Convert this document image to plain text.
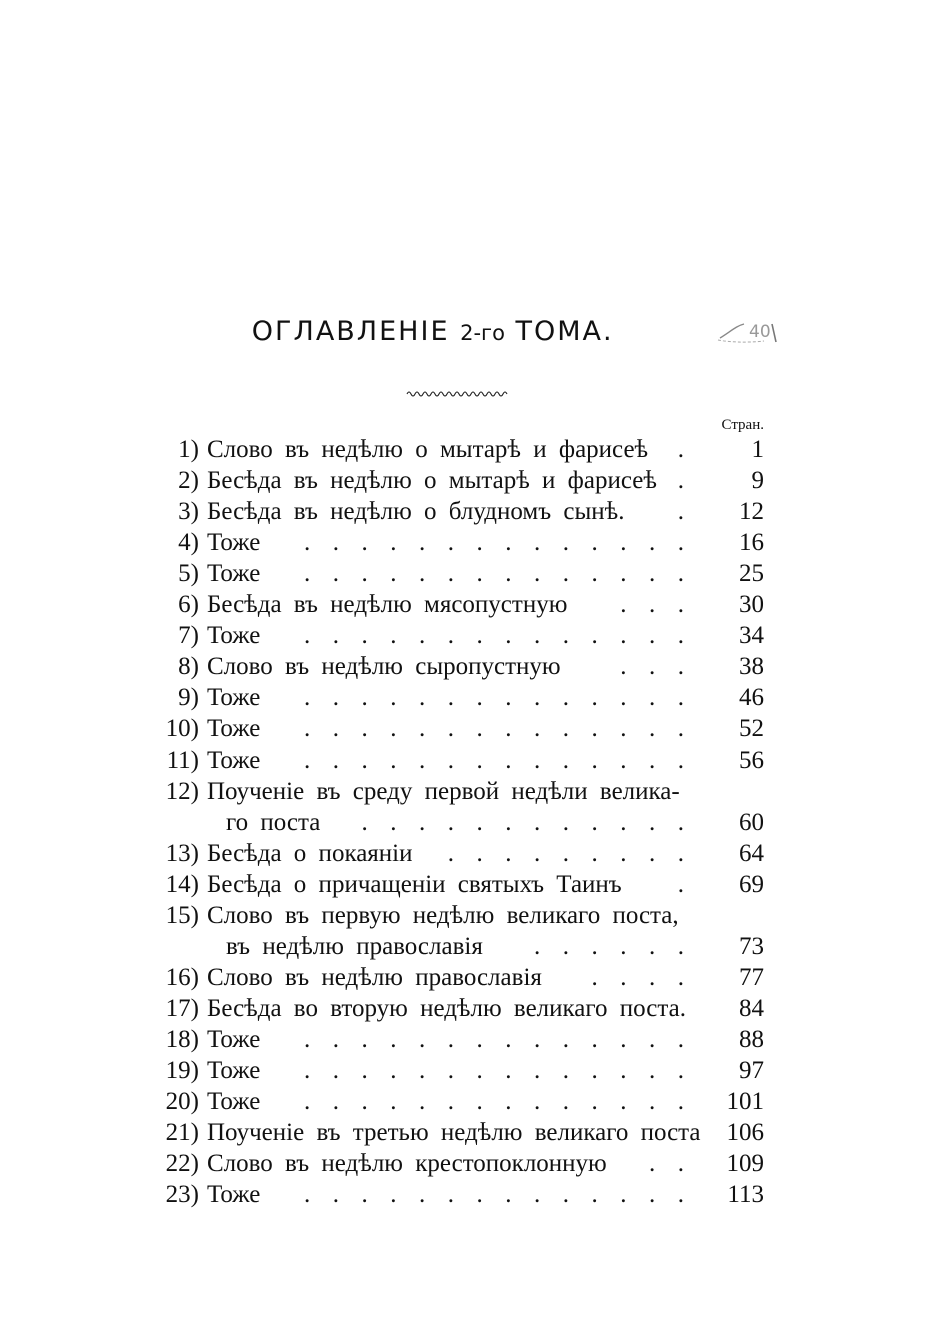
ОГЛАВЛЕНІЕ 2-го ТОМА.	40
Стран.
1) Слово въ недѣлю о мытарѣ и фарисеѣ	.	1
2) Бесѣда въ недѣлю о мытарѣ и фарисеѣ .	9
3) Бесѣда въ недѣлю о блудномъ сынѣ.	.	12
4) Тоже	..............	16
5) Тоже	..............	25
6) Бесѣда въ недѣлю мясопустную	...	30
7) Тоже	..............	34
8) Слово въ недѣлю сыропустную	...	38
9) Тоже	..............	46
10) Тоже	..............	52
11) Тоже	..............	56
12) Поученіе въ среду первой недѣли велика-
го поста	............	60
13) Бесѣда о покаяніи	.........	64
14) Бесѣда о причащеніи святыхъ Таинъ	.	69
15) Слово въ первую недѣлю великаго поста,
въ недѣлю православія	......	73
16) Слово въ недѣлю православія	....	77
17) Бесѣда во вторую недѣлю великаго поста.	84
18) Тоже	..............	88
19) Тоже	..............	97
20) Тоже	.............. 101
21) Поученіе въ третью недѣлю великаго поста	106
22) Слово въ недѣлю крестопоклонную	.. 109
23) Тоже	.............. 113
